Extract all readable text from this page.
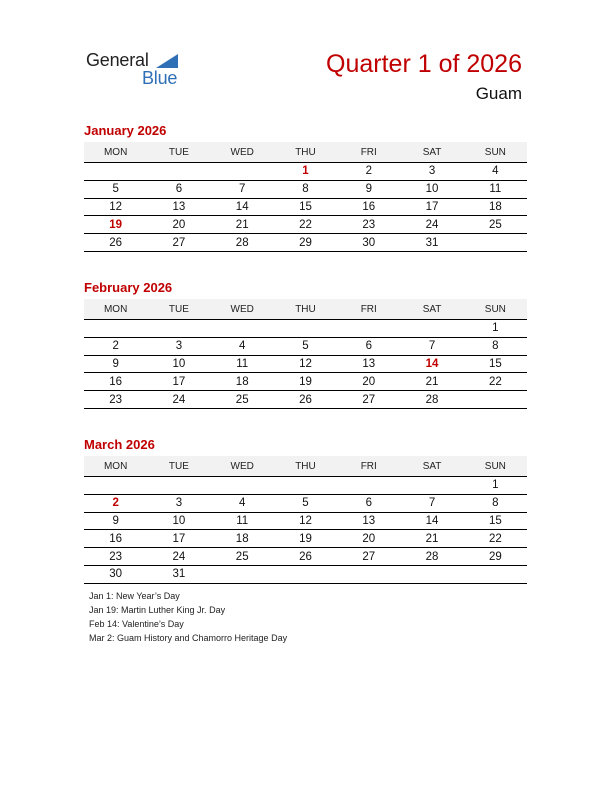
General
Blue	Quarter 1 of 2026
Guam
January 2026
MON	TUE	WED	THU	FRI	SAT	SUN
			1	2	3	4
5	6	7	8	9	10	11
12	13	14	15	16	17	18
19	20	21	22	23	24	25
26	27	28	29	30	31	
February 2026
MON	TUE	WED	THU	FRI	SAT	SUN
						1
2	3	4	5	6	7	8
9	10	11	12	13	14	15
16	17	18	19	20	21	22
23	24	25	26	27	28	
March 2026
MON	TUE	WED	THU	FRI	SAT	SUN
						1
2	3	4	5	6	7	8
9	10	11	12	13	14	15
16	17	18	19	20	21	22
23	24	25	26	27	28	29
30	31					
Jan 1: New Year’s Day
Jan 19: Martin Luther King Jr. Day
Feb 14: Valentine’s Day
Mar 2: Guam History and Chamorro Heritage Day
